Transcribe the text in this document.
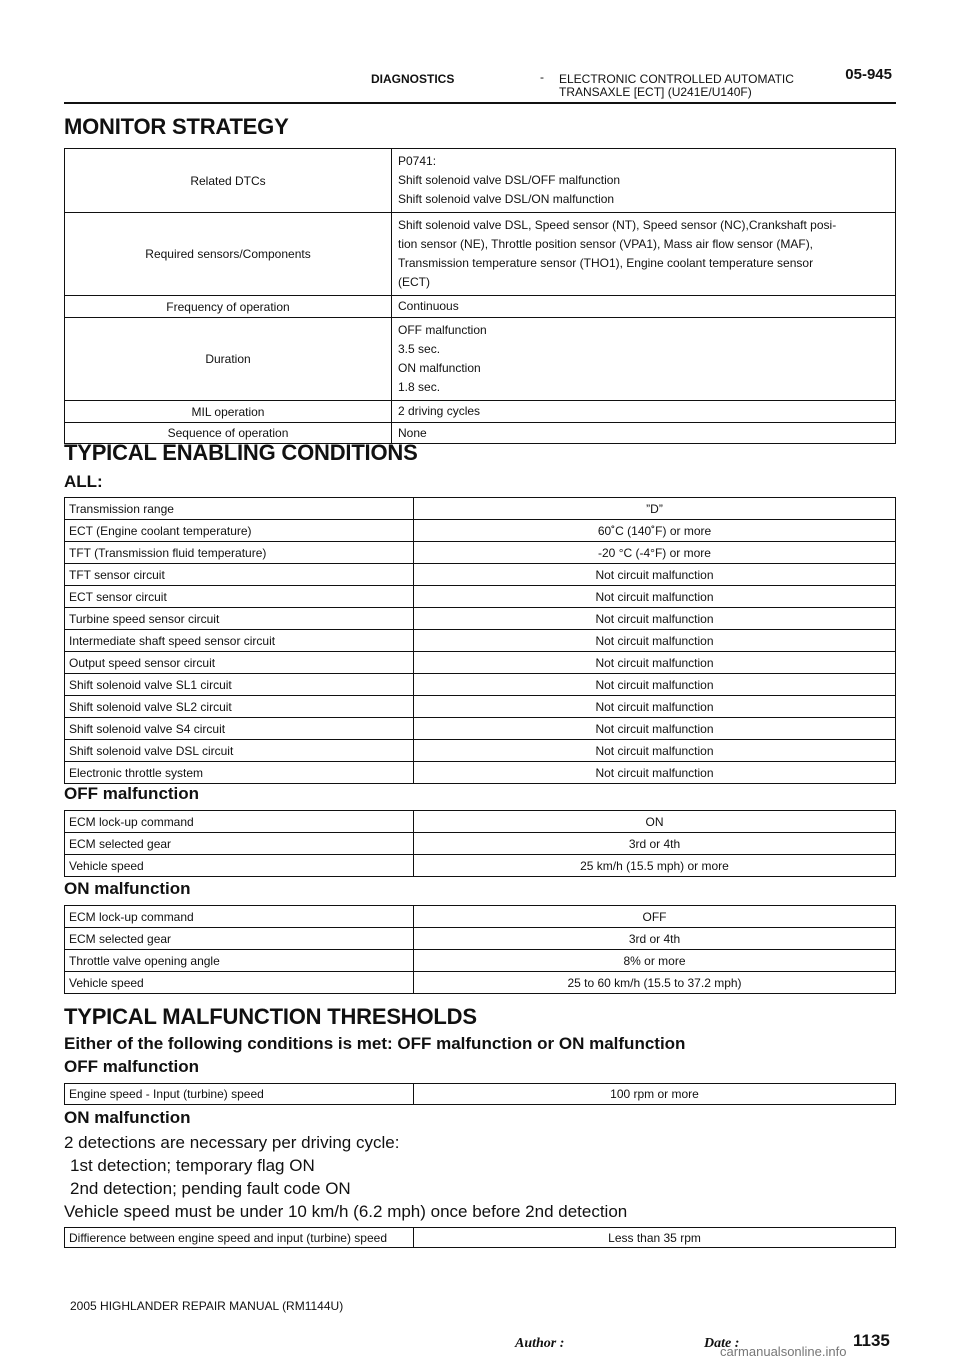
DIAGNOSTICS	- ELECTRONIC CONTROLLED AUTOMATIC
TRANSAXLE [ECT] (U241E/U140F)
05-945
MONITOR STRATEGY
Related DTCs	P0741:
Shift solenoid valve DSL/OFF malfunction
Shift solenoid valve DSL/ON malfunction

Required sensors/Components	Shift solenoid valve DSL, Speed sensor (NT), Speed sensor (NC),Crankshaft posi-
tion sensor (NE), Throttle position sensor (VPA1), Mass air flow sensor (MAF),
Transmission temperature sensor (THO1), Engine coolant temperature sensor
(ECT)

Frequency of operation	Continuous

Duration	OFF malfunction
3.5 sec.
ON malfunction
1.8 sec.

MIL operation	2 driving cycles

Sequence of operation	None
TYPICAL ENABLING CONDITIONS
ALL:
Transmission range	”D”
ECT (Engine coolant temperature)	60˚C (140˚F) or more
TFT (Transmission fluid temperature)	-20 °C (-4°F) or more
TFT sensor circuit	Not circuit malfunction
ECT sensor circuit	Not circuit malfunction
Turbine speed sensor circuit	Not circuit malfunction
Intermediate shaft speed sensor circuit	Not circuit malfunction
Output speed sensor circuit	Not circuit malfunction
Shift solenoid valve SL1 circuit	Not circuit malfunction
Shift solenoid valve SL2 circuit	Not circuit malfunction
Shift solenoid valve S4 circuit	Not circuit malfunction
Shift solenoid valve DSL circuit	Not circuit malfunction
Electronic throttle system	Not circuit malfunction
OFF malfunction
ECM lock-up command	ON
ECM selected gear	3rd or 4th
Vehicle speed	25 km/h (15.5 mph) or more
ON malfunction
ECM lock-up command	OFF
ECM selected gear	3rd or 4th
Throttle valve opening angle	8% or more
Vehicle speed	25 to 60 km/h (15.5 to 37.2 mph)
TYPICAL MALFUNCTION THRESHOLDS
Either of the following conditions is met: OFF malfunction or ON malfunction
OFF malfunction
Engine speed - Input (turbine) speed	100 rpm or more
ON malfunction
2 detections are necessary per driving cycle:
1st detection; temporary flag ON
2nd detection; pending fault code ON
Vehicle speed must be under 10 km/h (6.2 mph) once before 2nd detection
Diffierence between engine speed and input (turbine) speed	Less than 35 rpm
2005 HIGHLANDER REPAIR MANUAL (RM1144U)
Author :	Date :	1135
carmanualsonline.info
